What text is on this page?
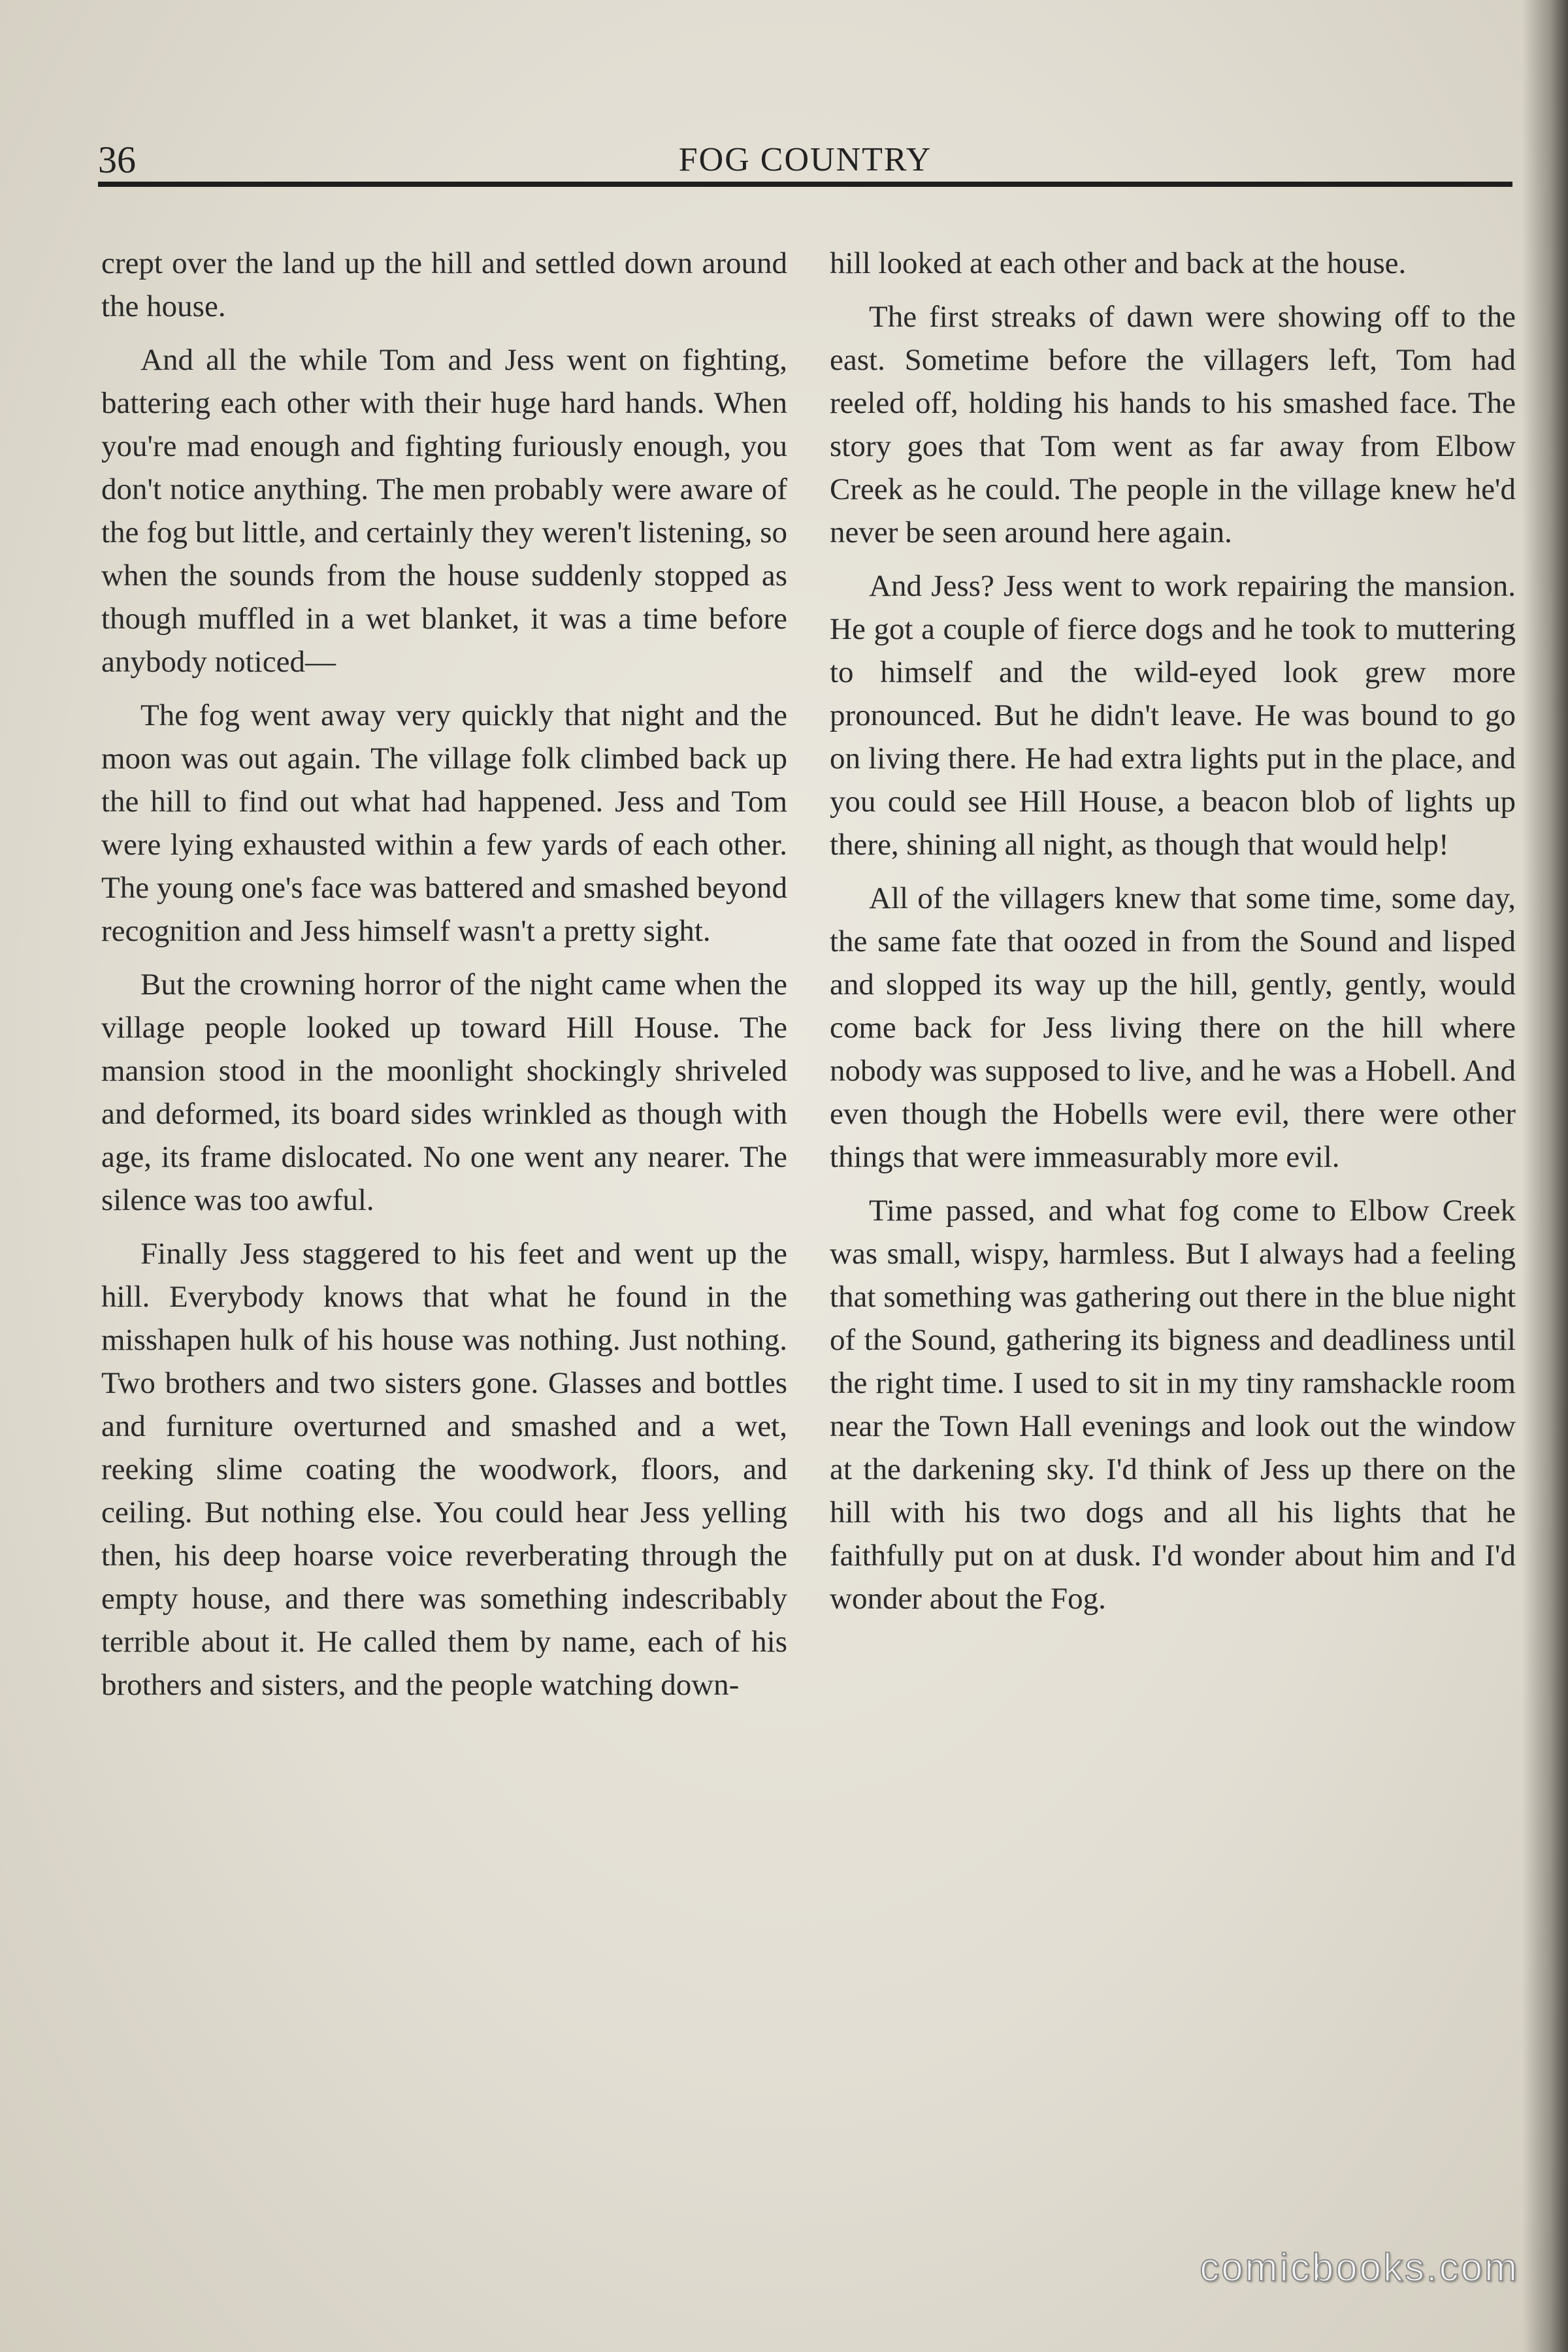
36	FOG COUNTRY

crept over the land up the hill and settled down around the house.

And all the while Tom and Jess went on fighting, battering each other with their huge hard hands. When you're mad enough and fighting furiously enough, you don't notice anything. The men probably were aware of the fog but little, and certainly they weren't listening, so when the sounds from the house suddenly stopped as though muffled in a wet blanket, it was a time before anybody noticed—

The fog went away very quickly that night and the moon was out again. The village folk climbed back up the hill to find out what had happened. Jess and Tom were lying exhausted within a few yards of each other. The young one's face was battered and smashed beyond recognition and Jess himself wasn't a pretty sight.

But the crowning horror of the night came when the village people looked up toward Hill House. The mansion stood in the moonlight shockingly shriveled and deformed, its board sides wrinkled as though with age, its frame dislocated. No one went any nearer. The silence was too awful.

Finally Jess staggered to his feet and went up the hill. Everybody knows that what he found in the misshapen hulk of his house was nothing. Just nothing. Two brothers and two sisters gone. Glasses and bottles and furniture overturned and smashed and a wet, reeking slime coating the woodwork, floors, and ceiling. But nothing else. You could hear Jess yelling then, his deep hoarse voice reverberating through the empty house, and there was something indescribably terrible about it. He called them by name, each of his brothers and sisters, and the people watching down-

hill looked at each other and back at the house.

The first streaks of dawn were showing off to the east. Sometime before the villagers left, Tom had reeled off, holding his hands to his smashed face. The story goes that Tom went as far away from Elbow Creek as he could. The people in the village knew he'd never be seen around here again.

And Jess? Jess went to work repairing the mansion. He got a couple of fierce dogs and he took to muttering to himself and the wild-eyed look grew more pronounced. But he didn't leave. He was bound to go on living there. He had extra lights put in the place, and you could see Hill House, a beacon blob of lights up there, shining all night, as though that would help!

All of the villagers knew that some time, some day, the same fate that oozed in from the Sound and lisped and slopped its way up the hill, gently, gently, would come back for Jess living there on the hill where nobody was supposed to live, and he was a Hobell. And even though the Hobells were evil, there were other things that were immeasurably more evil.

Time passed, and what fog come to Elbow Creek was small, wispy, harmless. But I always had a feeling that something was gathering out there in the blue night of the Sound, gathering its bigness and deadliness until the right time. I used to sit in my tiny ramshackle room near the Town Hall evenings and look out the window at the darkening sky. I'd think of Jess up there on the hill with his two dogs and all his lights that he faithfully put on at dusk. I'd wonder about him and I'd wonder about the Fog.

comicbooks.com
